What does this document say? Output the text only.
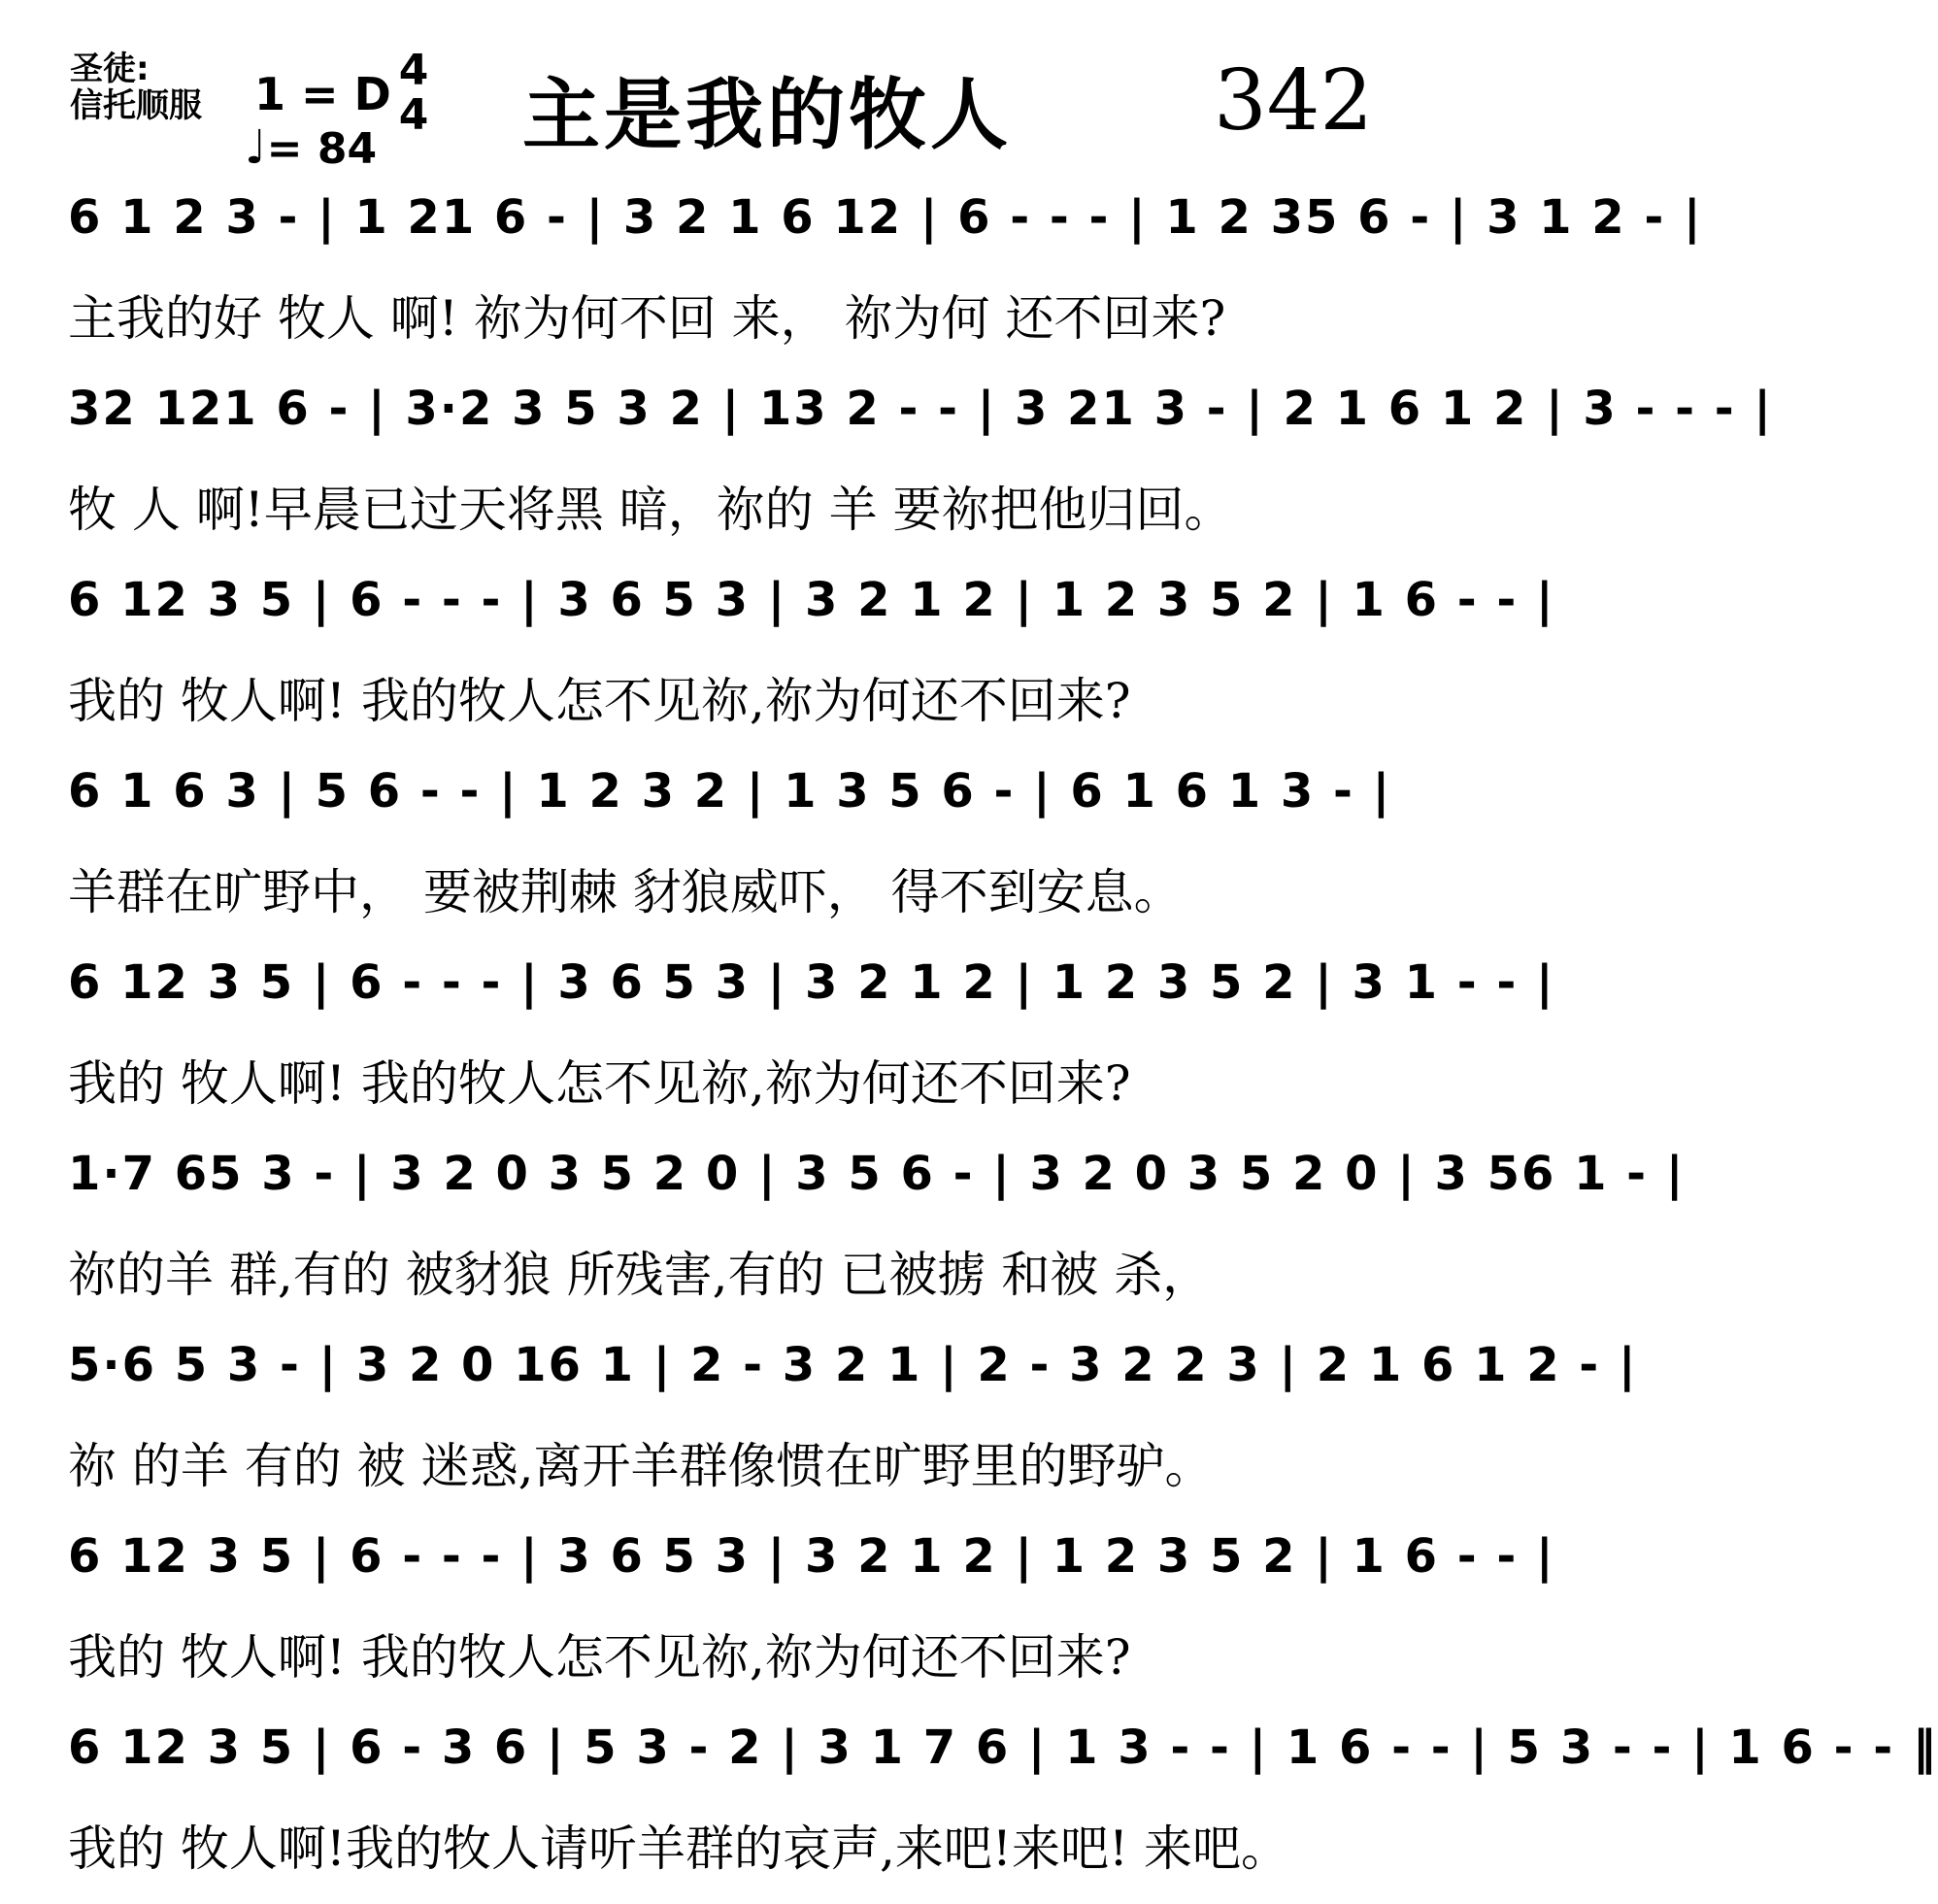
圣徒:
信托顺服 1 = D 4
4
♩= 84 主是我的牧人 342
6 1 2 3 - | 1 21 6 - | 3 2 1 6 12 | 6 - - - | 1 2 35 6 - | 3 1 2 - |
主我的好 牧人 啊! 祢为何不回 来， 祢为何 还不回来?
32 121 6 - | 3·2 3 5 3 2 | 13 2 - - | 3 21 3 - | 2 1 6 1 2 | 3 - - - |
牧 人 啊!早晨已过天将黑 暗，祢的 羊 要祢把他归回。
6 12 3 5 | 6 - - - | 3 6 5 3 | 3 2 1 2 | 1 2 3 5 2 | 1 6 - - |
我的 牧人啊! 我的牧人怎不见祢,祢为何还不回来?
6 1 6 3 | 5 6 - - | 1 2 3 2 | 1 3 5 6 - | 6 1 6 1 3 - |
羊群在旷野中， 要被荆棘 豺狼威吓， 得不到安息。
6 12 3 5 | 6 - - - | 3 6 5 3 | 3 2 1 2 | 1 2 3 5 2 | 3 1 - - |
我的 牧人啊! 我的牧人怎不见祢,祢为何还不回来?
1·7 65 3 - | 3 2 0 3 5 2 0 | 3 5 6 - | 3 2 0 3 5 2 0 | 3 56 1 - |
祢的羊 群,有的 被豺狼 所残害,有的 已被掳 和被 杀，
5·6 5 3 - | 3 2 0 16 1 | 2 - 3 2 1 | 2 - 3 2 2 3 | 2 1 6 1 2 - |
祢 的羊 有的 被 迷惑,离开羊群像惯在旷野里的野驴。
6 12 3 5 | 6 - - - | 3 6 5 3 | 3 2 1 2 | 1 2 3 5 2 | 1 6 - - |
我的 牧人啊! 我的牧人怎不见祢,祢为何还不回来?
6 12 3 5 | 6 - 3 6 | 5 3 - 2 | 3 1 7 6 | 1 3 - - | 1 6 - - | 5 3 - - | 1 6 - - ‖
我的 牧人啊!我的牧人请听羊群的哀声,来吧!来吧! 来吧。
